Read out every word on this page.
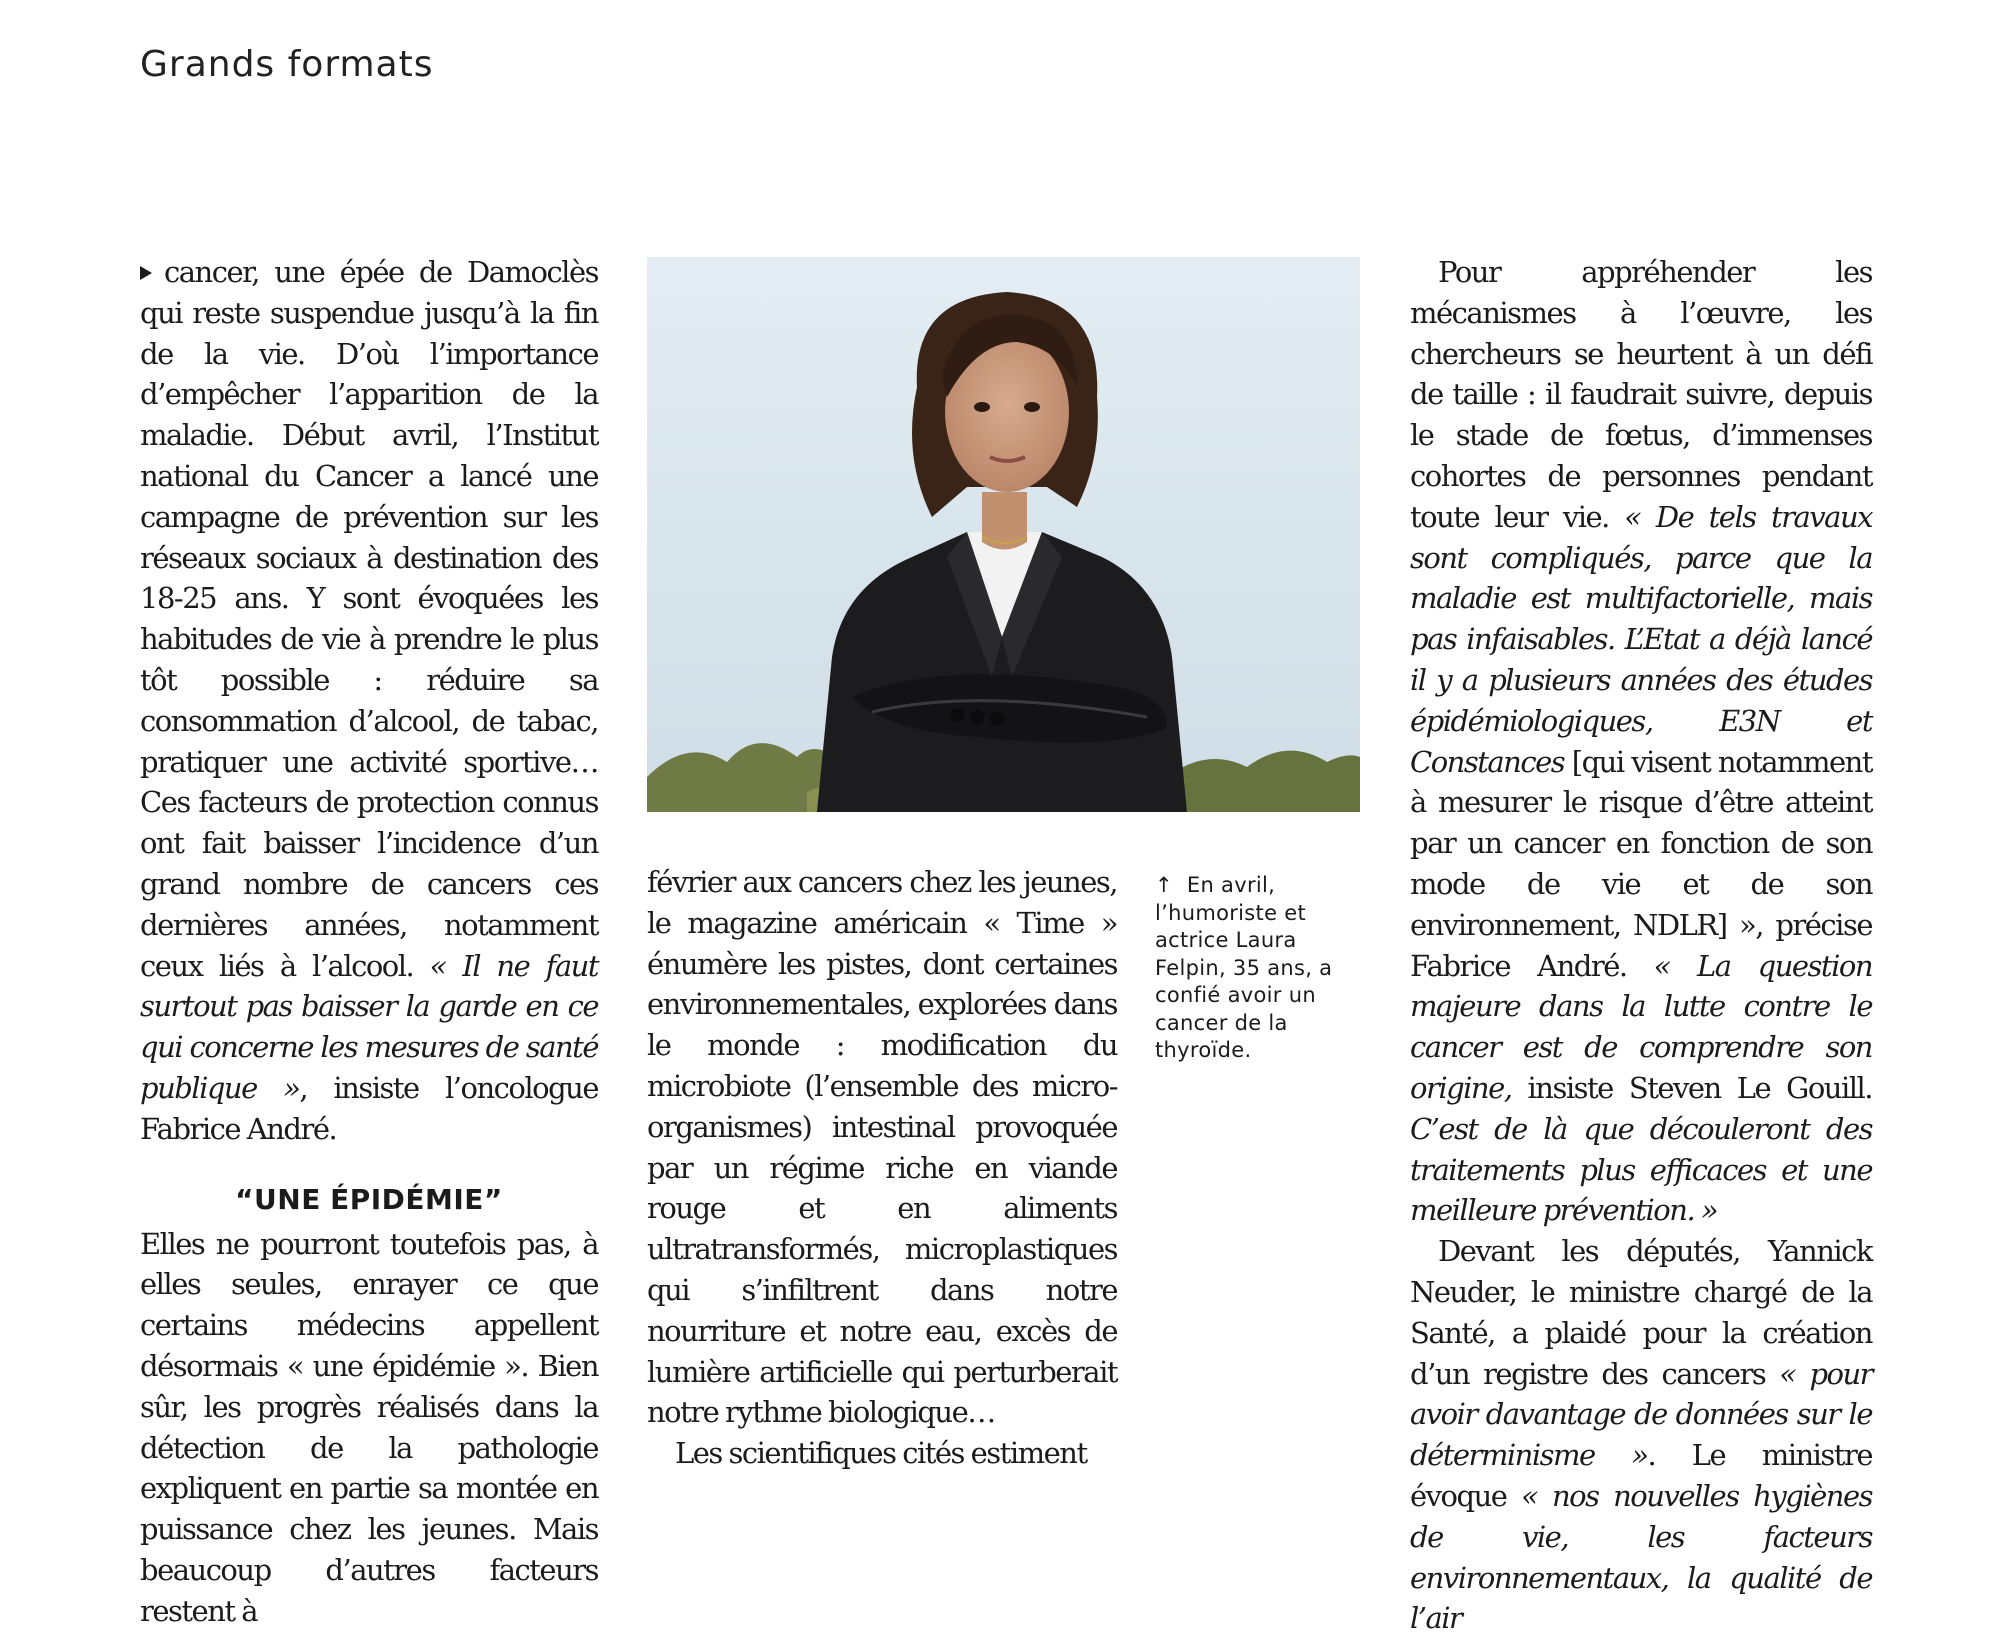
Grands formats

cancer, une épée de Damoclès qui reste suspendue jusqu’à la fin de la vie. D’où l’importance d’empêcher l’apparition de la maladie. Début avril, l’Institut national du Cancer a lancé une campagne de prévention sur les réseaux sociaux à destination des 18-25 ans. Y sont évoquées les habitudes de vie à prendre le plus tôt possible : réduire sa consommation d’alcool, de tabac, pratiquer une activité sportive… Ces facteurs de protection connus ont fait baisser l’incidence d’un grand nombre de cancers ces dernières années, notamment ceux liés à l’alcool. « Il ne faut surtout pas baisser la garde en ce qui concerne les mesures de santé publique », insiste l’oncologue Fabrice André.

“UNE ÉPIDÉMIE”

Elles ne pourront toutefois pas, à elles seules, enrayer ce que certains médecins appellent désormais « une épidémie ». Bien sûr, les progrès réalisés dans la détection de la pathologie expliquent en partie sa montée en puissance chez les jeunes. Mais beaucoup d’autres facteurs restent à

février aux cancers chez les jeunes, le magazine américain « Time » énumère les pistes, dont certaines environnementales, explorées dans le monde : modification du microbiote (l’ensemble des micro-organismes) intestinal provoquée par un régime riche en viande rouge et en aliments ultratransformés, microplastiques qui s’infiltrent dans notre nourriture et notre eau, excès de lumière artificielle qui perturberait notre rythme biologique…

Les scientifiques cités estiment

↑ En avril, l’humoriste et actrice Laura Felpin, 35 ans, a confié avoir un cancer de la thyroïde.

Pour appréhender les mécanismes à l’œuvre, les chercheurs se heurtent à un défi de taille : il faudrait suivre, depuis le stade de fœtus, d’immenses cohortes de personnes pendant toute leur vie. « De tels travaux sont compliqués, parce que la maladie est multifactorielle, mais pas infaisables. L’Etat a déjà lancé il y a plusieurs années des études épidémiologiques, E3N et Constances [qui visent notamment à mesurer le risque d’être atteint par un cancer en fonction de son mode de vie et de son environnement, NDLR] », précise Fabrice André. « La question majeure dans la lutte contre le cancer est de comprendre son origine, insiste Steven Le Gouill. C’est de là que découleront des traitements plus efficaces et une meilleure prévention. »

Devant les députés, Yannick Neuder, le ministre chargé de la Santé, a plaidé pour la création d’un registre des cancers « pour avoir davantage de données sur le déterminisme ». Le ministre évoque « nos nouvelles hygiènes de vie, les facteurs environnementaux, la qualité de l’air
